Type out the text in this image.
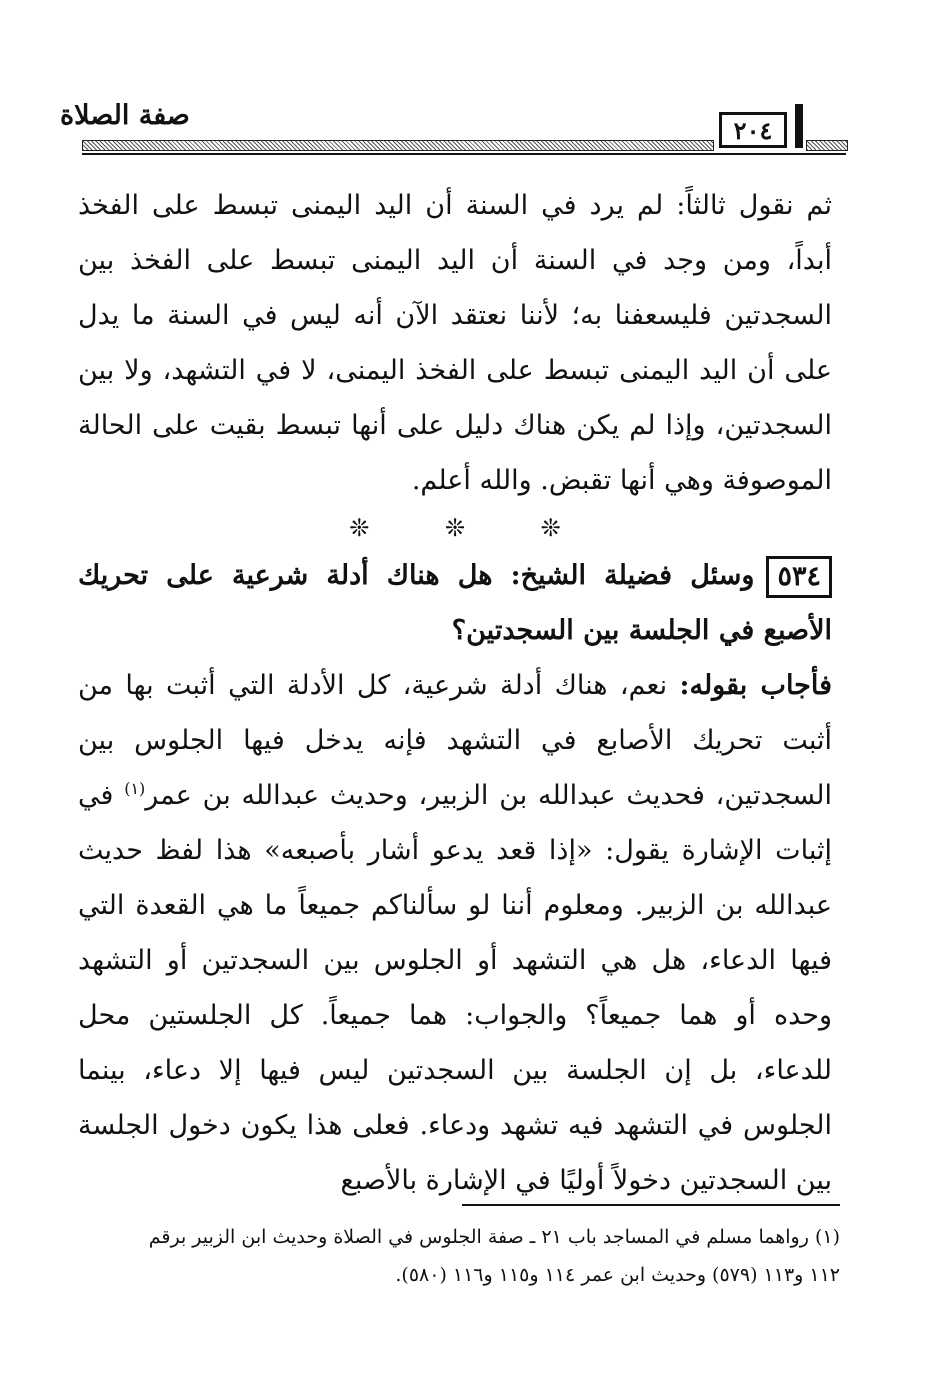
٢٠٤
صفة الصلاة

ثم نقول ثالثاً: لم يرد في السنة أن اليد اليمنى تبسط على الفخذ أبداً، ومن وجد في السنة أن اليد اليمنى تبسط على الفخذ بين السجدتين فليسعفنا به؛ لأننا نعتقد الآن أنه ليس في السنة ما يدل على أن اليد اليمنى تبسط على الفخذ اليمنى، لا في التشهد، ولا بين السجدتين، وإذا لم يكن هناك دليل على أنها تبسط بقيت على الحالة الموصوفة وهي أنها تقبض. والله أعلم.

❊ ❊ ❊

٥٣٤وسئل فضيلة الشيخ: هل هناك أدلة شرعية على تحريك الأصبع في الجلسة بين السجدتين؟

فأجاب بقوله: نعم، هناك أدلة شرعية، كل الأدلة التي أثبت بها من أثبت تحريك الأصابع في التشهد فإنه يدخل فيها الجلوس بين السجدتين، فحديث عبدالله بن الزبير، وحديث عبدالله بن عمر$^{(١)}$ في إثبات الإشارة يقول: «إذا قعد يدعو أشار بأصبعه» هذا لفظ حديث عبدالله بن الزبير. ومعلوم أننا لو سألناكم جميعاً ما هي القعدة التي فيها الدعاء، هل هي التشهد أو الجلوس بين السجدتين أو التشهد وحده أو هما جميعاً؟ والجواب: هما جميعاً. كل الجلستين محل للدعاء، بل إن الجلسة بين السجدتين ليس فيها إلا دعاء، بينما الجلوس في التشهد فيه تشهد ودعاء. فعلى هذا يكون دخول الجلسة بين السجدتين دخولاً أوليًا في الإشارة بالأصبع

(١) رواهما مسلم في المساجد باب ٢١ ـ صفة الجلوس في الصلاة وحديث ابن الزبير برقم

١١٢ و١١٣ (٥٧٩) وحديث ابن عمر ١١٤ و١١٥ و١١٦ (٥٨٠).
